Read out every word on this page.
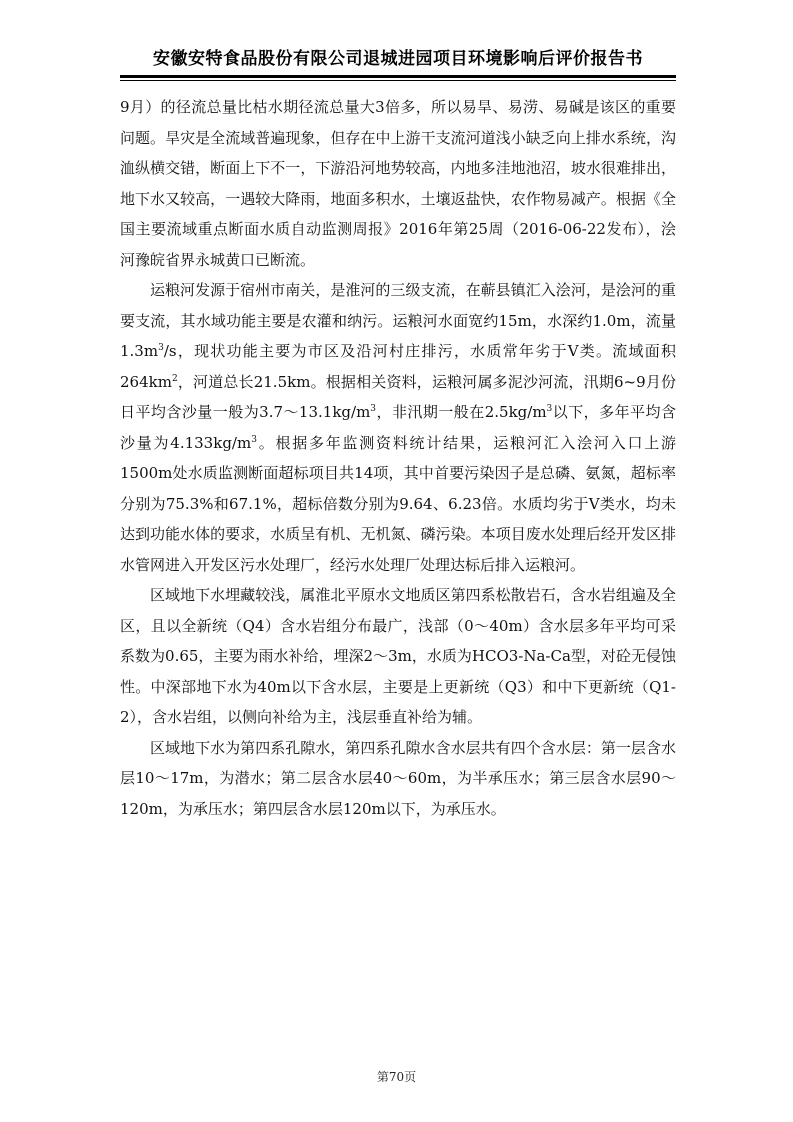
安徽安特食品股份有限公司退城进园项目环境影响后评价报告书

9月）的径流总量比枯水期径流总量大3倍多，所以易旱、易涝、易碱是该区的重要问题。旱灾是全流域普遍现象，但存在中上游干支流河道浅小缺乏向上排水系统，沟洫纵横交错，断面上下不一，下游沿河地势较高，内地多洼地池沼，坡水很难排出，地下水又较高，一遇较大降雨，地面多积水，土壤返盐快，农作物易减产。根据《全国主要流域重点断面水质自动监测周报》2016年第25周（2016-06-22发布），浍河豫皖省界永城黄口已断流。

运粮河发源于宿州市南关，是淮河的三级支流，在蕲县镇汇入浍河，是浍河的重要支流，其水域功能主要是农灌和纳污。运粮河水面宽约15m，水深约1.0m，流量$1.3m^3/s$，现状功能主要为市区及沿河村庄排污，水质常年劣于Ⅴ类。流域面积$264km^2$，河道总长21.5km。根据相关资料，运粮河属多泥沙河流，汛期6~9月份日平均含沙量一般为$3.7\sim 13.1kg/m^3$，非汛期一般在$2.5kg/m^3$以下，多年平均含沙量为$4.133kg/m^3$。根据多年监测资料统计结果，运粮河汇入浍河入口上游1500m处水质监测断面超标项目共14项，其中首要污染因子是总磷、氨氮，超标率分别为75.3%和67.1%，超标倍数分别为9.64、6.23倍。水质均劣于Ⅴ类水，均未达到功能水体的要求，水质呈有机、无机氮、磷污染。本项目废水处理后经开发区排水管网进入开发区污水处理厂，经污水处理厂处理达标后排入运粮河。

区域地下水埋藏较浅，属淮北平原水文地质区第四系松散岩石，含水岩组遍及全区，且以全新统（Q4）含水岩组分布最广，浅部（0～40m）含水层多年平均可采系数为0.65，主要为雨水补给，埋深2～3m，水质为HCO3-Na-Ca型，对砼无侵蚀性。中深部地下水为40m以下含水层，主要是上更新统（Q3）和中下更新统（Q1-2），含水岩组，以侧向补给为主，浅层垂直补给为辅。

区域地下水为第四系孔隙水，第四系孔隙水含水层共有四个含水层：第一层含水层10～17m，为潜水；第二层含水层40～60m，为半承压水；第三层含水层90～120m，为承压水；第四层含水层120m以下，为承压水。

第70页
